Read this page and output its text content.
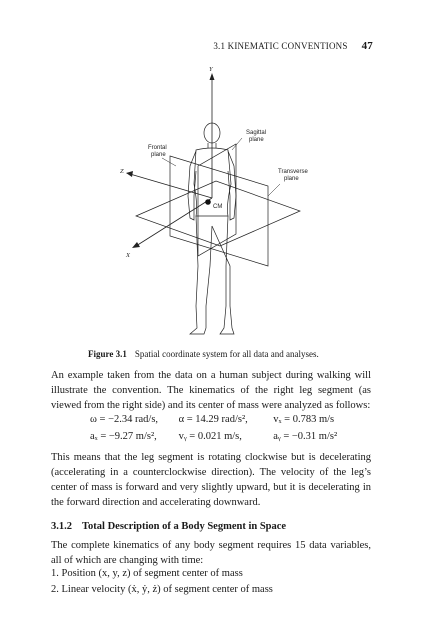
3.1 KINEMATIC CONVENTIONS 47
Y
Z
X
CM
Frontal
plane
Sagittal
plane
Transverse
plane
Figure 3.1 Spatial coordinate system for all data and analyses.
An example taken from the data on a human subject during walking will illustrate the convention. The kinematics of the right leg segment (as viewed from the right side) and its center of mass were analyzed as follows:
ω = −2.34 rad/s, α = 14.29 rad/s², vₓ = 0.783 m/s
aₓ = −9.27 m/s², vᵧ = 0.021 m/s,	aᵧ = −0.31 m/s²
This means that the leg segment is rotating clockwise but is decelerating (accelerating in a counterclockwise direction). The velocity of the leg’s center of mass is forward and very slightly upward, but it is decelerating in the forward direction and accelerating downward.
3.1.2 Total Description of a Body Segment in Space
The complete kinematics of any body segment requires 15 data variables, all of which are changing with time:
1. Position (x, y, z) of segment center of mass
2. Linear velocity (ẋ, ẏ, ż) of segment center of mass
